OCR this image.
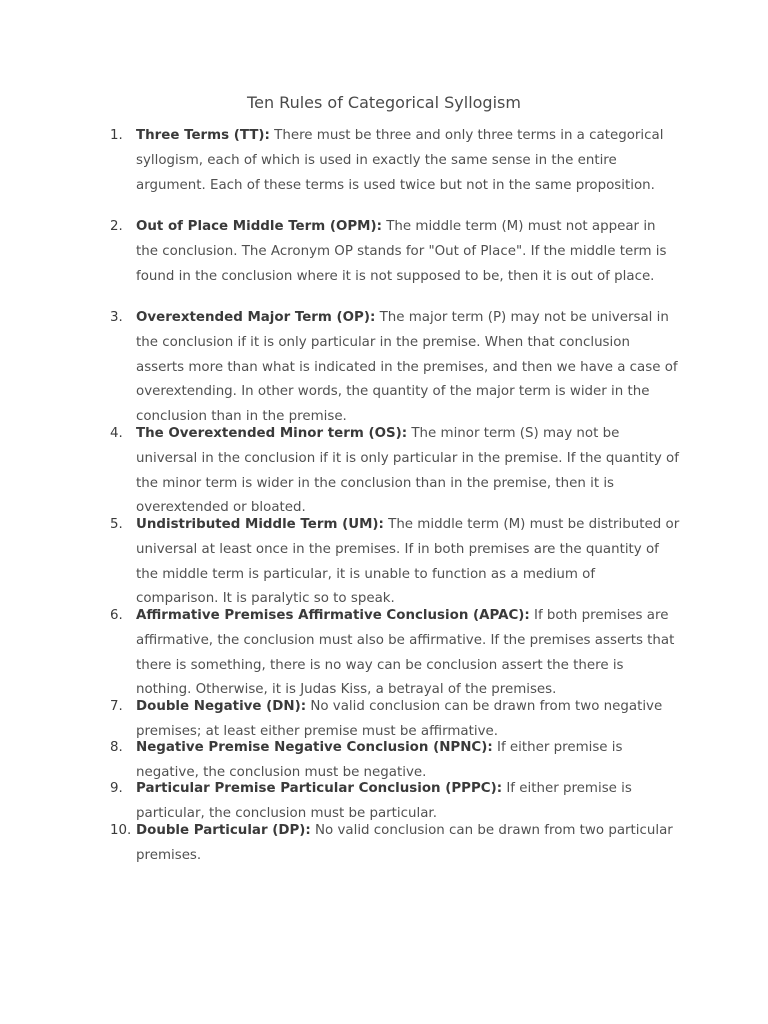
Ten Rules of Categorical Syllogism
1. Three Terms (TT): There must be three and only three terms in a categorical syllogism, each of which is used in exactly the same sense in the entire argument. Each of these terms is used twice but not in the same proposition.
2. Out of Place Middle Term (OPM): The middle term (M) must not appear in the conclusion. The Acronym OP stands for "Out of Place". If the middle term is found in the conclusion where it is not supposed to be, then it is out of place.
3. Overextended Major Term (OP): The major term (P) may not be universal in the conclusion if it is only particular in the premise. When that conclusion asserts more than what is indicated in the premises, and then we have a case of overextending. In other words, the quantity of the major term is wider in the conclusion than in the premise.
4. The Overextended Minor term (OS): The minor term (S) may not be universal in the conclusion if it is only particular in the premise. If the quantity of the minor term is wider in the conclusion than in the premise, then it is overextended or bloated.
5. Undistributed Middle Term (UM): The middle term (M) must be distributed or universal at least once in the premises. If in both premises are the quantity of the middle term is particular, it is unable to function as a medium of comparison. It is paralytic so to speak.
6. Affirmative Premises Affirmative Conclusion (APAC): If both premises are affirmative, the conclusion must also be affirmative. If the premises asserts that there is something, there is no way can be conclusion assert the there is nothing. Otherwise, it is Judas Kiss, a betrayal of the premises.
7. Double Negative (DN): No valid conclusion can be drawn from two negative premises; at least either premise must be affirmative.
8. Negative Premise Negative Conclusion (NPNC): If either premise is negative, the conclusion must be negative.
9. Particular Premise Particular Conclusion (PPPC): If either premise is particular, the conclusion must be particular.
10. Double Particular (DP): No valid conclusion can be drawn from two particular premises.
